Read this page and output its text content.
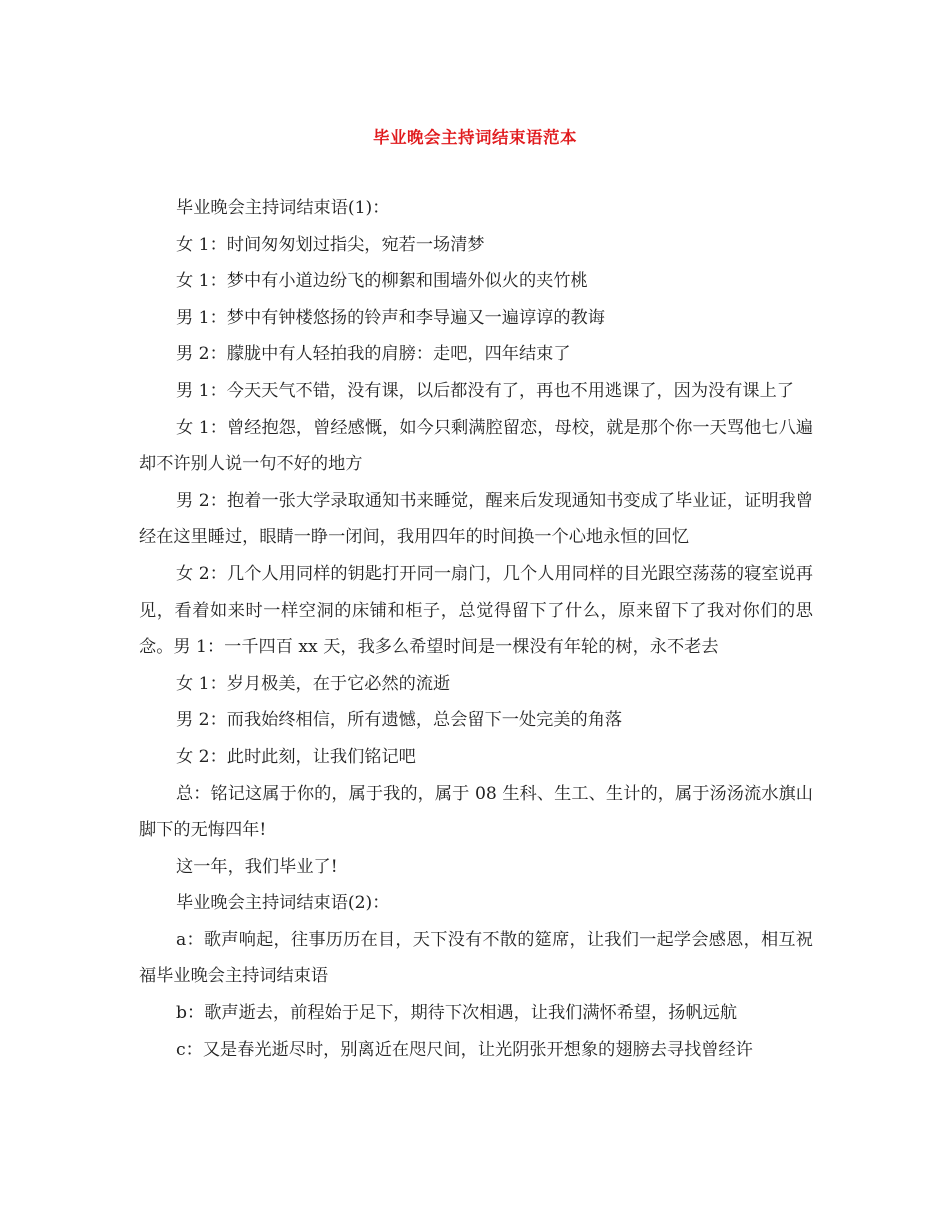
毕业晚会主持词结束语范本

毕业晚会主持词结束语(1)：

女 1：时间匆匆划过指尖，宛若一场清梦

女 1：梦中有小道边纷飞的柳絮和围墙外似火的夹竹桃

男 1：梦中有钟楼悠扬的铃声和李导遍又一遍谆谆的教诲

男 2：朦胧中有人轻拍我的肩膀：走吧，四年结束了

男 1：今天天气不错，没有课，以后都没有了，再也不用逃课了，因为没有课上了

女 1：曾经抱怨，曾经感慨，如今只剩满腔留恋，母校，就是那个你一天骂他七八遍却不许别人说一句不好的地方

男 2：抱着一张大学录取通知书来睡觉，醒来后发现通知书变成了毕业证，证明我曾经在这里睡过，眼睛一睁一闭间，我用四年的时间换一个心地永恒的回忆

女 2：几个人用同样的钥匙打开同一扇门，几个人用同样的目光跟空荡荡的寝室说再见，看着如来时一样空洞的床铺和柜子，总觉得留下了什么，原来留下了我对你们的思念。男 1：一千四百 xx 天，我多么希望时间是一棵没有年轮的树，永不老去

女 1：岁月极美，在于它必然的流逝

男 2：而我始终相信，所有遗憾，总会留下一处完美的角落

女 2：此时此刻，让我们铭记吧

总：铭记这属于你的，属于我的，属于 08 生科、生工、生计的，属于汤汤流水旗山脚下的无悔四年!

这一年，我们毕业了!

毕业晚会主持词结束语(2)：

a：歌声响起，往事历历在目，天下没有不散的筵席，让我们一起学会感恩，相互祝福毕业晚会主持词结束语

b：歌声逝去，前程始于足下，期待下次相遇，让我们满怀希望，扬帆远航

c：又是春光逝尽时，别离近在咫尺间，让光阴张开想象的翅膀去寻找曾经许
